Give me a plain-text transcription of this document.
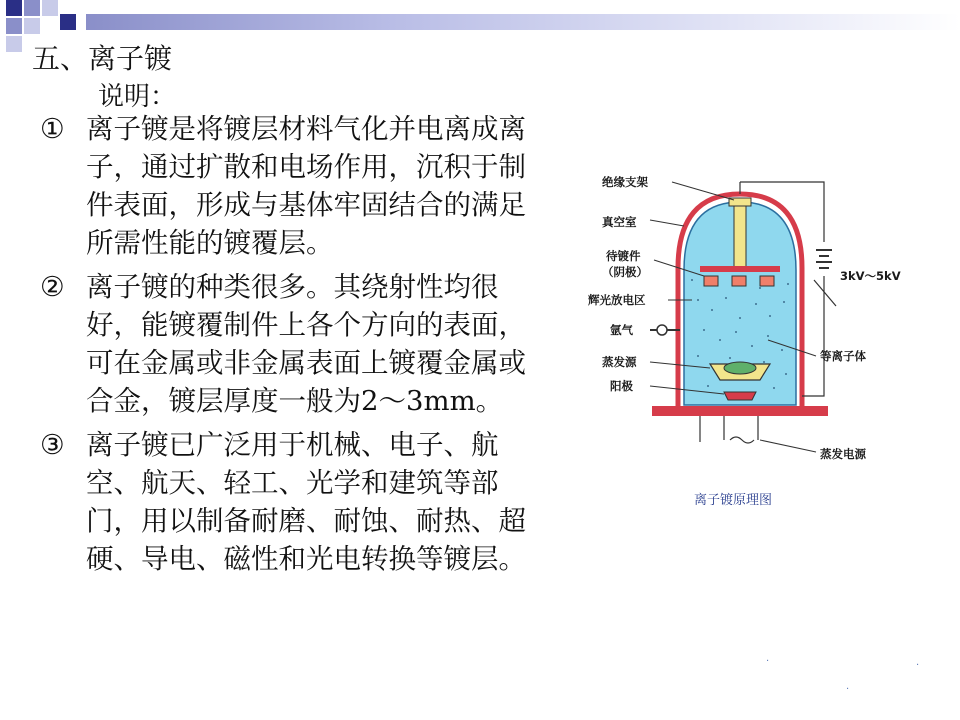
五、离子镀
说明：
① 离子镀是将镀层材料气化并电离成离子，通过扩散和电场作用，沉积于制件表面，形成与基体牢固结合的满足所需性能的镀覆层。
② 离子镀的种类很多。其绕射性均很好，能镀覆制件上各个方向的表面，可在金属或非金属表面上镀覆金属或合金，镀层厚度一般为2～3mm。
③ 离子镀已广泛用于机械、电子、航空、航天、轻工、光学和建筑等部门，用以制备耐磨、耐蚀、耐热、超硬、导电、磁性和光电转换等镀层。
绝缘支架
真空室
待镀件
（阴极）
辉光放电区
氩气
蒸发源
阳极
3kV～5kV
等离子体
蒸发电源
离子镀原理图
·	·
·
